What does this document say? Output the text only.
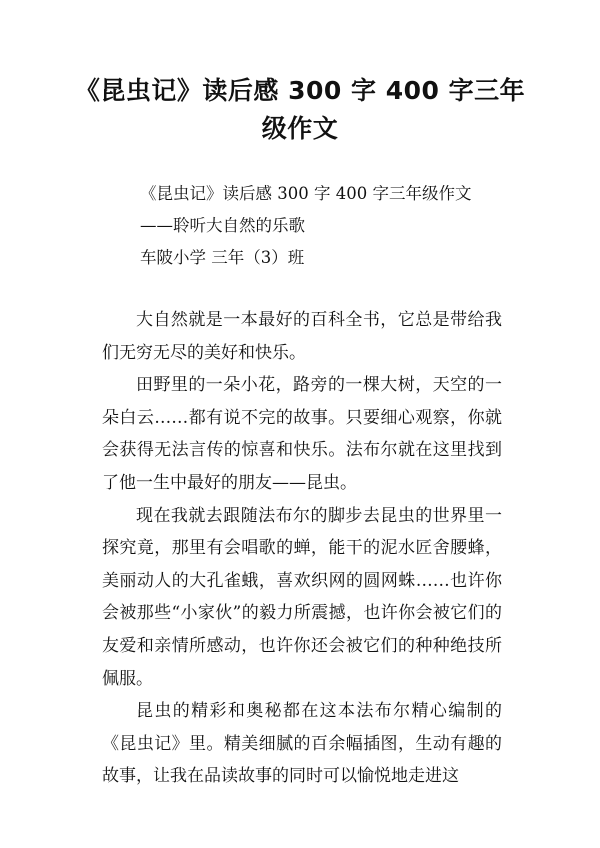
《昆虫记》读后感 300 字 400 字三年级作文
《昆虫记》读后感 300 字 400 字三年级作文
——聆听大自然的乐歌
车陂小学 三年（3）班

大自然就是一本最好的百科全书，它总是带给我们无穷无尽的美好和快乐。

田野里的一朵小花，路旁的一棵大树，天空的一朵白云……都有说不完的故事。只要细心观察，你就会获得无法言传的惊喜和快乐。法布尔就在这里找到了他一生中最好的朋友——昆虫。

现在我就去跟随法布尔的脚步去昆虫的世界里一探究竟，那里有会唱歌的蝉，能干的泥水匠舍腰蜂，美丽动人的大孔雀蛾，喜欢织网的圆网蛛……也许你会被那些“小家伙”的毅力所震撼，也许你会被它们的友爱和亲情所感动，也许你还会被它们的种种绝技所佩服。

昆虫的精彩和奥秘都在这本法布尔精心编制的《昆虫记》里。精美细腻的百余幅插图，生动有趣的故事，让我在品读故事的同时可以愉悦地走进这
